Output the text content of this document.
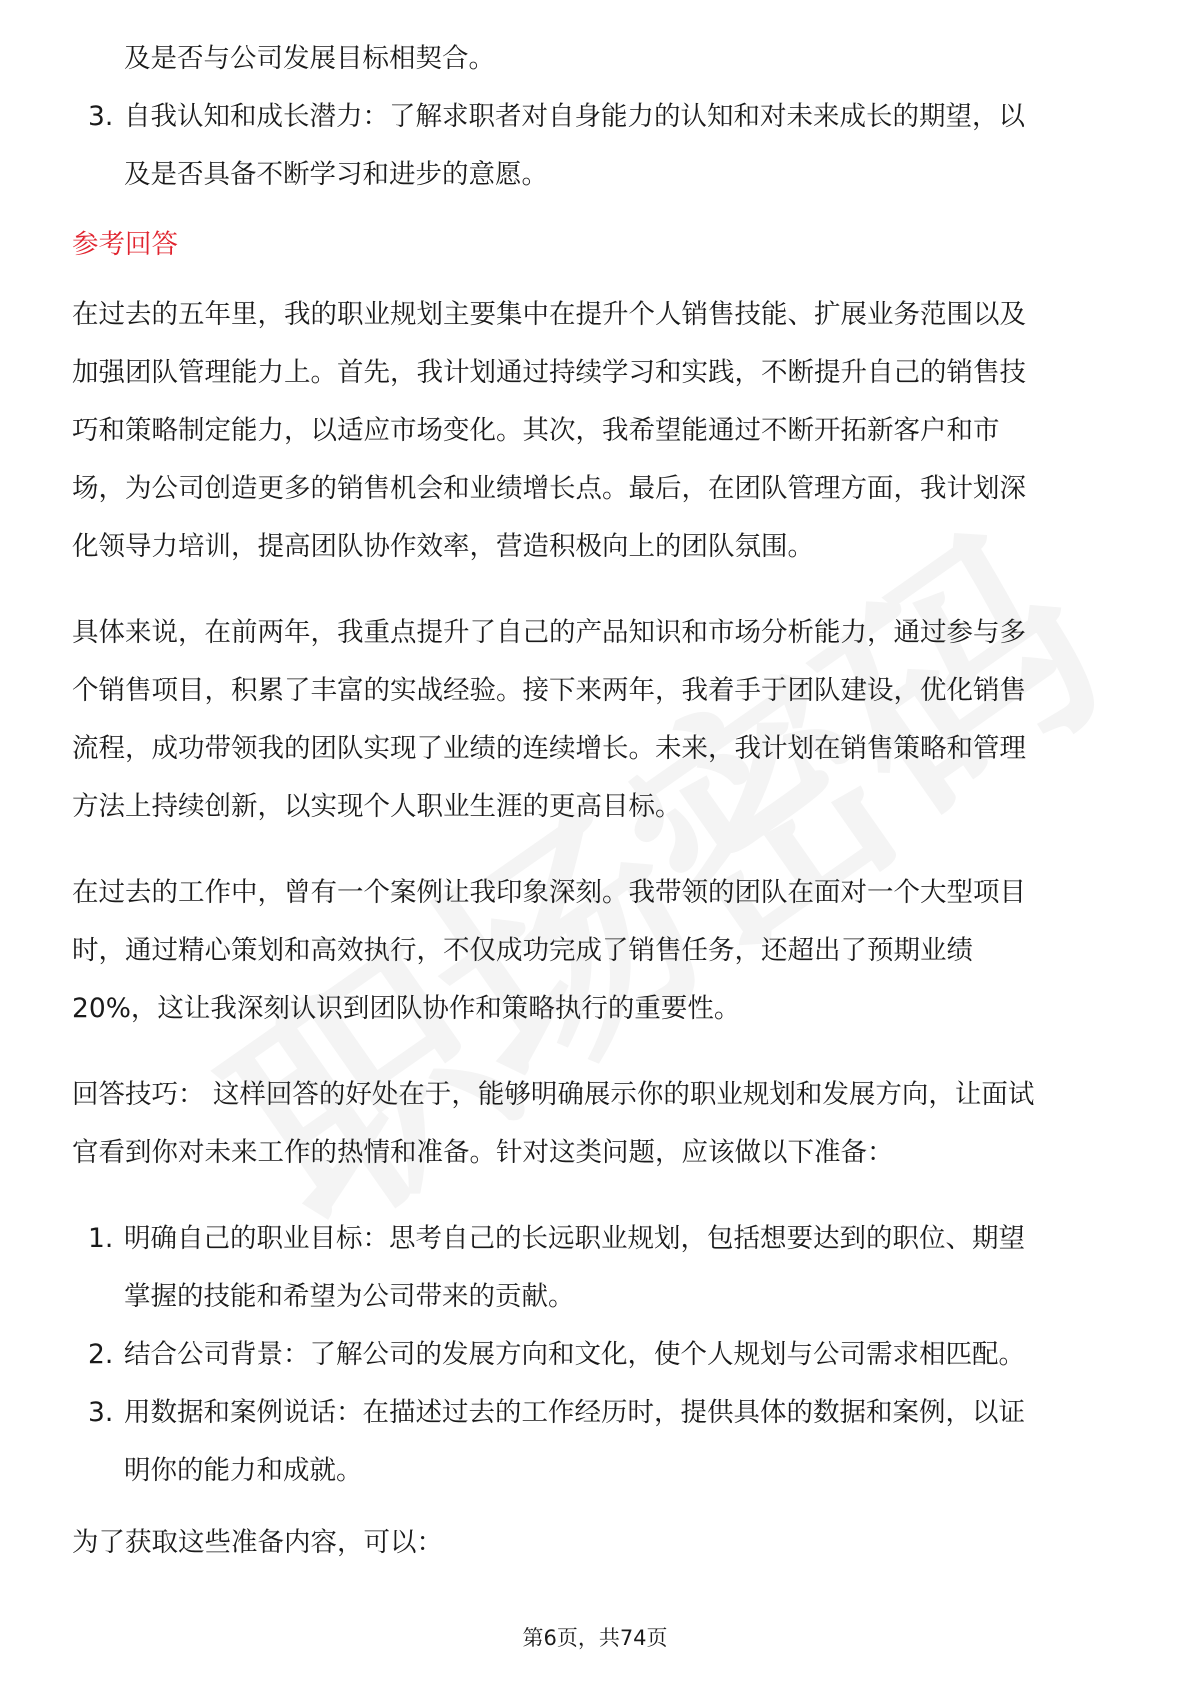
及是否与公司发展目标相契合。
3. 自我认知和成长潜力：了解求职者对自身能力的认知和对未来成长的期望，以
及是否具备不断学习和进步的意愿。
参考回答
在过去的五年里，我的职业规划主要集中在提升个人销售技能、扩展业务范围以及
加强团队管理能力上。首先，我计划通过持续学习和实践，不断提升自己的销售技
巧和策略制定能力，以适应市场变化。其次，我希望能通过不断开拓新客户和市
场，为公司创造更多的销售机会和业绩增长点。最后，在团队管理方面，我计划深
化领导力培训，提高团队协作效率，营造积极向上的团队氛围。
具体来说，在前两年，我重点提升了自己的产品知识和市场分析能力，通过参与多
个销售项目，积累了丰富的实战经验。接下来两年，我着手于团队建设，优化销售
流程，成功带领我的团队实现了业绩的连续增长。未来，我计划在销售策略和管理
方法上持续创新，以实现个人职业生涯的更高目标。
在过去的工作中，曾有一个案例让我印象深刻。我带领的团队在面对一个大型项目
时，通过精心策划和高效执行，不仅成功完成了销售任务，还超出了预期业绩
20%，这让我深刻认识到团队协作和策略执行的重要性。
回答技巧： 这样回答的好处在于，能够明确展示你的职业规划和发展方向，让面试
官看到你对未来工作的热情和准备。针对这类问题，应该做以下准备：
1. 明确自己的职业目标：思考自己的长远职业规划，包括想要达到的职位、期望
掌握的技能和希望为公司带来的贡献。
2. 结合公司背景：了解公司的发展方向和文化，使个人规划与公司需求相匹配。
3. 用数据和案例说话：在描述过去的工作经历时，提供具体的数据和案例，以证
明你的能力和成就。
为了获取这些准备内容，可以：
第6页，共74页
